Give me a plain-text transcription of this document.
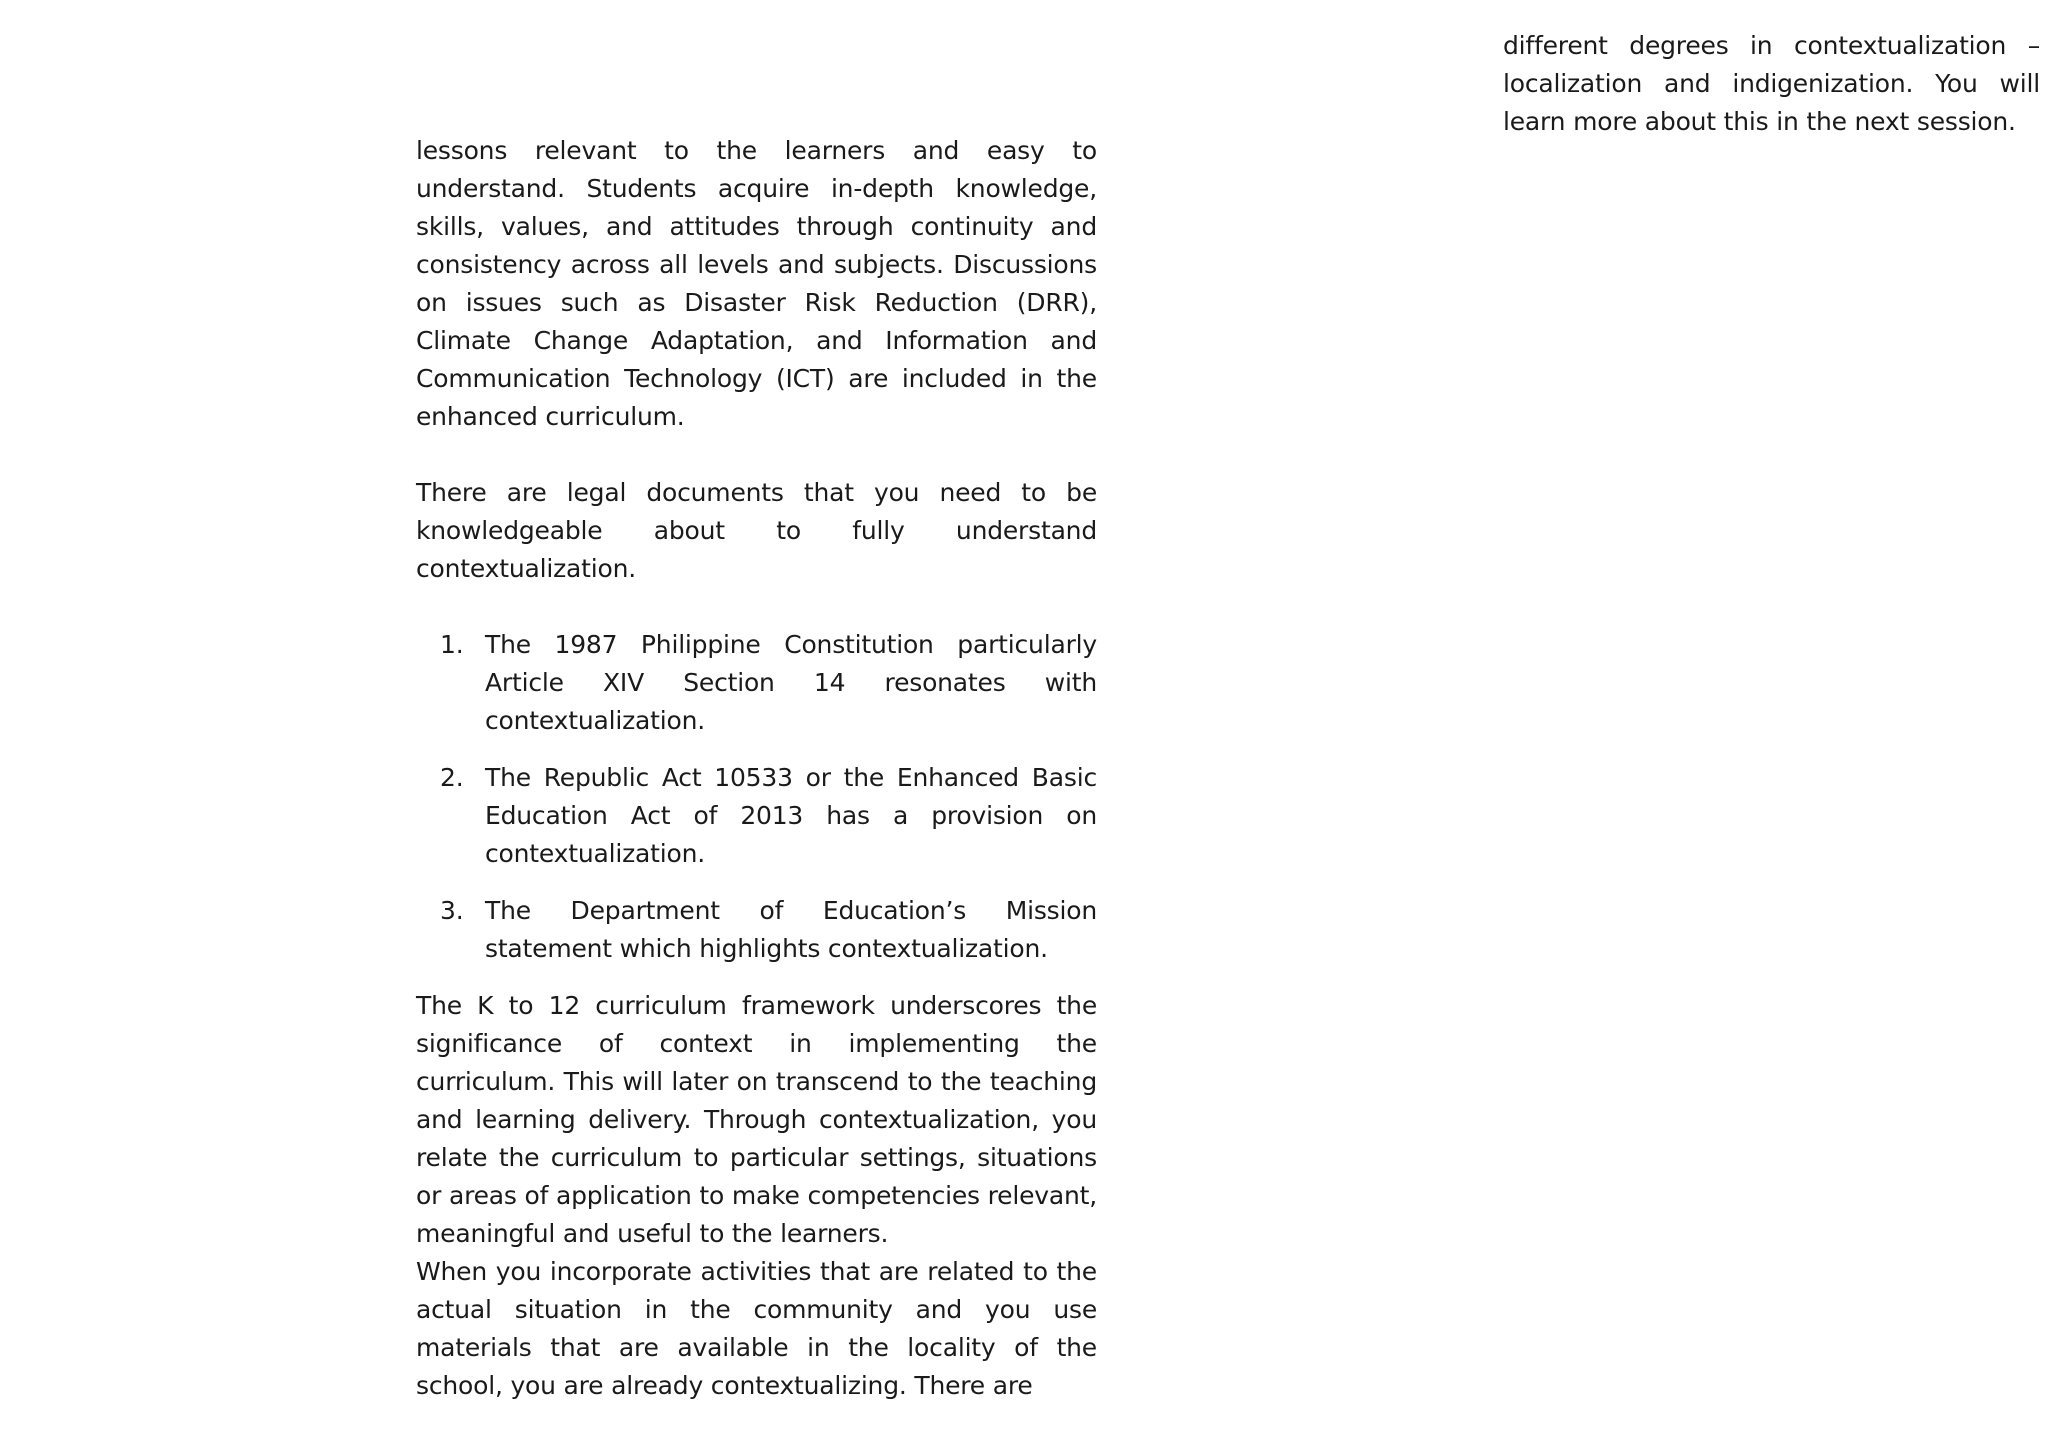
lessons relevant to the learners and easy to understand. Students acquire in-depth knowledge, skills, values, and attitudes through continuity and consistency across all levels and subjects. Discussions on issues such as Disaster Risk Reduction (DRR), Climate Change Adaptation, and Information and Communication Technology (ICT) are included in the enhanced curriculum.

There are legal documents that you need to be knowledgeable about to fully understand contextualization.

1. The 1987 Philippine Constitution particularly Article XIV Section 14 resonates with contextualization.
2. The Republic Act 10533 or the Enhanced Basic Education Act of 2013 has a provision on contextualization.
3. The Department of Education’s Mission statement which highlights contextualization.

The K to 12 curriculum framework underscores the significance of context in implementing the curriculum. This will later on transcend to the teaching and learning delivery. Through contextualization, you relate the curriculum to particular settings, situations or areas of application to make competencies relevant, meaningful and useful to the learners.

When you incorporate activities that are related to the actual situation in the community and you use materials that are available in the locality of the school, you are already contextualizing. There are

different degrees in contextualization – localization and indigenization. You will learn more about this in the next session.
